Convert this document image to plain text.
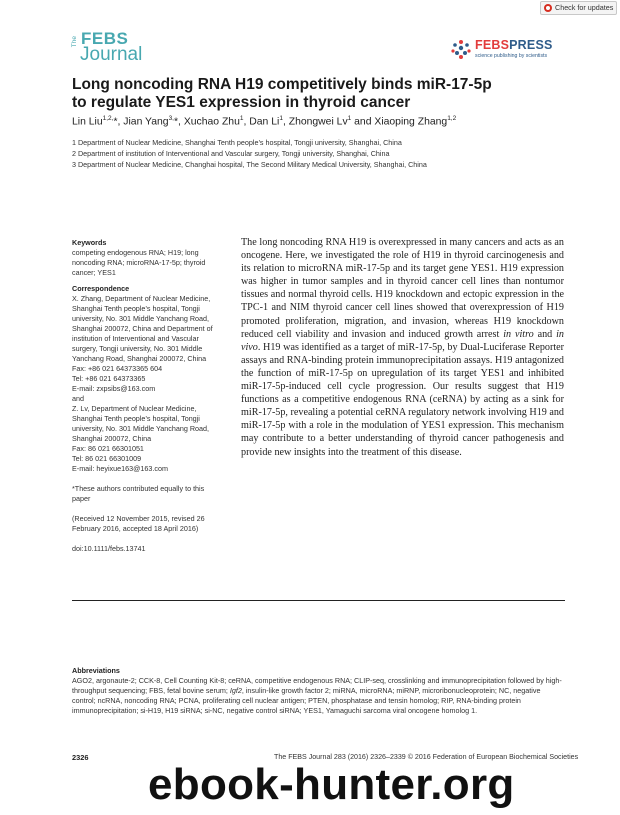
Check for updates
The FEBS
Journal	FEBSPRESS
science publishing by scientists
Long noncoding RNA H19 competitively binds miR-17-5p
to regulate YES1 expression in thyroid cancer
Lin Liu$^{1,2,}$*, Jian Yang$^{3,}$*, Xuchao Zhu$^1$, Dan Li$^1$, Zhongwei Lv$^1$ and Xiaoping Zhang$^{1,2}$
1 Department of Nuclear Medicine, Shanghai Tenth people’s hospital, Tongji university, Shanghai, China
2 Department of institution of Interventional and Vascular surgery, Tongji university, Shanghai, China
3 Department of Nuclear Medicine, Changhai hospital, The Second Military Medical University, Shanghai, China

Keywords

competing endogenous RNA; H19; long

noncoding RNA; microRNA-17-5p; thyroid

cancer; YES1

Correspondence

X. Zhang, Department of Nuclear Medicine,

Shanghai Tenth people’s hospital, Tongji

university, No. 301 Middle Yanchang Road,

Shanghai 200072, China and Department of

institution of Interventional and Vascular

surgery, Tongji university, No. 301 Middle

Yanchang Road, Shanghai 200072, China

Fax: +86 021 64373365 604

Tel: +86 021 64373365

E-mail: zxpsibs@163.com

and

Z. Lv, Department of Nuclear Medicine,

Shanghai Tenth people’s hospital, Tongji

university, No. 301 Middle Yanchang Road,

Shanghai 200072, China

Fax: 86 021 66301051

Tel: 86 021 66301009

E-mail: heyixue163@163.com

*These authors contributed equally to this

paper

(Received 12 November 2015, revised 26

February 2016, accepted 18 April 2016)

doi:10.1111/febs.13741

The long noncoding RNA H19 is overexpressed in many cancers and acts as an oncogene. Here, we investigated the role of H19 in thyroid carcinogenesis and its relation to microRNA miR-17-5p and its target gene YES1. H19 expression was higher in tumor samples and in thyroid cancer cell lines than nontumor tissues and normal thyroid cells. H19 knockdown and ectopic expression in the TPC-1 and NIM thyroid cancer cell lines showed that overexpression of H19 promoted proliferation, migration, and invasion, whereas H19 knockdown reduced cell viability and invasion and induced growth arrest in vitro and in vivo. H19 was identified as a target of miR-17-5p, by Dual-Luciferase Reporter assays and RNA-binding protein immunoprecipitation assays. H19 antagonized the function of miR-17-5p on upregulation of its target YES1 and inhibited miR-17-5p-induced cell cycle progression. Our results suggest that H19 functions as a competitive endogenous RNA (ceRNA) by acting as a sink for miR-17-5p, revealing a potential ceRNA regulatory network involving H19 and miR-17-5p with a role in the modulation of YES1 expression. This mechanism may contribute to a better understanding of thyroid cancer pathogenesis and provide new insights into the treatment of this disease.

Abbreviations

AGO2, argonaute-2; CCK-8, Cell Counting Kit-8; ceRNA, competitive endogenous RNA; CLIP-seq, crosslinking and immunoprecipitation followed by high-throughput sequencing; FBS, fetal bovine serum; Igf2, insulin-like growth factor 2; miRNA, microRNA; miRNP, microribonucleoprotein; NC, negative control; ncRNA, noncoding RNA; PCNA, proliferating cell nuclear antigen; PTEN, phosphatase and tensin homolog; RIP, RNA-binding protein immunoprecipitation; si-H19, H19 siRNA; si-NC, negative control siRNA; YES1, Yamaguchi sarcoma viral oncogene homolog 1.

2326	The FEBS Journal 283 (2016) 2326–2339 © 2016 Federation of European Biochemical Societies
ebook-hunter.org
